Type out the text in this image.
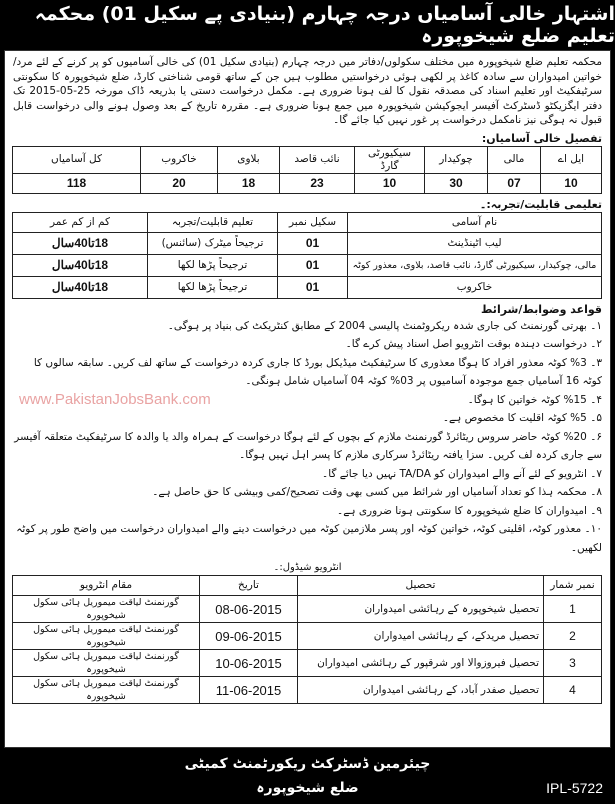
اشتہار خالی آسامیاں درجہ چہارم (بنیادی پے سکیل 01) محکمہ تعلیم ضلع شیخوپورہ

محکمہ تعلیم ضلع شیخوپورہ میں مختلف سکولوں/دفاتر میں درجہ چہارم (بنیادی سکیل 01) کی خالی آسامیوں کو پر کرنے کے لئے مرد/خواتین امیدواران سے سادہ کاغذ پر لکھی ہوئی درخواستیں مطلوب ہیں جن کے ساتھ قومی شناختی کارڈ، ضلع شیخوپورہ کا سکونتی سرٹیفکیٹ اور تعلیم اسناد کی مصدقہ نقول کا لف ہونا ضروری ہے۔ مکمل درخواست دستی یا بذریعہ ڈاک مورخہ 25-05-2015 تک دفتر ایگزیکٹو ڈسٹرکٹ آفیسر ایجوکیشن شیخوپورہ میں جمع ہونا ضروری ہے۔ مقررہ تاریخ کے بعد وصول ہونے والی درخواست قابل قبول نہ ہوگی نیز نامکمل درخواست پر غور نہیں کیا جائے گا۔

تفصیل خالی آسامیاں:
ایل اے	مالی	چوکیدار	سیکیورٹی گارڈ	نائب قاصد	بلاوی	خاکروب	کل آسامیاں
10	07	30	10	23	18	20	118
تعلیمی قابلیت/تجربہ:۔
نام آسامی	سکیل نمبر	تعلیم قابلیت/تجربہ	کم از کم عمر
لیب اٹینڈینٹ	01	ترجیحاً میٹرک (سائنس)	18تا40سال
مالی، چوکیدار، سیکیورٹی گارڈ، نائب قاصد، بلاوی، معذور کوٹہ	01	ترجیحاً پڑھا لکھا	18تا40سال
خاکروب	01	ترجیحاً پڑھا لکھا	18تا40سال
قواعد وضوابط/شرائط
۱۔ بھرتی گورنمنٹ کی جاری شدہ ریکروٹمنٹ پالیسی 2004 کے مطابق کنٹریکٹ کی بنیاد پر ہوگی۔
۲۔ درخواست دہندہ بوقت انٹرویو اصل اسناد پیش کرے گا۔
۳۔ 3% کوٹہ معذور افراد کا ہوگا معذوری کا سرٹیفکیٹ میڈیکل بورڈ کا جاری کردہ درخواست کے ساتھ لف کریں۔ سابقہ سالوں کا کوٹہ 16 آسامیاں جمع موجودہ آسامیوں پر 03% کوٹہ 04 آسامیاں شامل ہونگی۔
۴۔ 15% کوٹہ خواتین کا ہوگا۔
www.PakistanJobsBank.com
۵۔ 5% کوٹہ اقلیت کا مخصوص ہے۔
۶۔ 20% کوٹہ حاضر سروس ریٹائرڈ گورنمنٹ ملازم کے بچوں کے لئے ہوگا درخواست کے ہمراہ والد یا والدہ کا سرٹیفکیٹ متعلقہ آفیسر سے جاری کردہ لف کریں۔ سزا یافتہ ریٹائرڈ سرکاری ملازم کا پسر اہل نہیں ہوگا۔
۷۔ انٹرویو کے لئے آنے والے امیدواران کو TA/DA نہیں دیا جائے گا۔
۸۔ محکمہ ہذا کو تعداد آسامیاں اور شرائط میں کسی بھی وقت تصحیح/کمی وبیشی کا حق حاصل ہے۔
۹۔ امیدواران کا ضلع شیخوپورہ کا سکونتی ہونا ضروری ہے۔
۱۰۔ معذور کوٹہ، اقلیتی کوٹہ، خواتین کوٹہ اور پسر ملازمین کوٹہ میں درخواست دینے والے امیدواران درخواست میں واضح طور پر کوٹہ لکھیں۔
انٹرویو شیڈول:۔
نمبر شمار	تحصیل	تاریخ	مقام انٹرویو
1	تحصیل شیخوپورہ کے رہائشی امیدواران	08-06-2015	گورنمنٹ لیاقت میموریل ہائی سکول شیخوپورہ
2	تحصیل مریدکے، کے رہائشی امیدواران	09-06-2015	گورنمنٹ لیاقت میموریل ہائی سکول شیخوپورہ
3	تحصیل فیروزوالا اور شرقپور کے رہائشی امیدواران	10-06-2015	گورنمنٹ لیاقت میموریل ہائی سکول شیخوپورہ
4	تحصیل صفدر آباد، کے رہائشی امیدواران	11-06-2015	گورنمنٹ لیاقت میموریل ہائی سکول شیخوپورہ
چیئرمین ڈسٹرکٹ ریکورٹمنٹ کمیٹی
ضلع شیخوپورہ	IPL-5722
